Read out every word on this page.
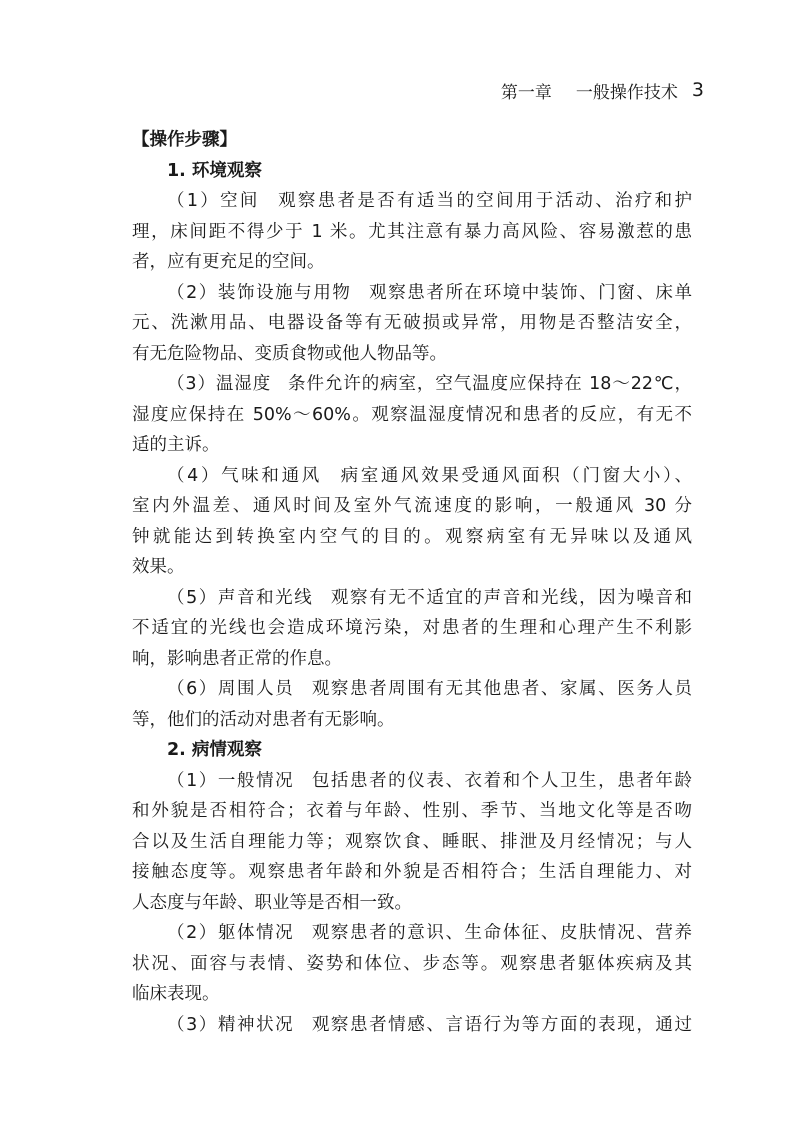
第一章 一般操作技术 3
【操作步骤】
1. 环境观察
（1）空间 观察患者是否有适当的空间用于活动、治疗和护
理，床间距不得少于 1 米。尤其注意有暴力高风险、容易激惹的患
者，应有更充足的空间。
（2）装饰设施与用物 观察患者所在环境中装饰、门窗、床单
元、洗漱用品、电器设备等有无破损或异常，用物是否整洁安全，
有无危险物品、变质食物或他人物品等。
（3）温湿度 条件允许的病室，空气温度应保持在 18～22℃，
湿度应保持在 50%～60%。观察温湿度情况和患者的反应，有无不
适的主诉。
（4）气味和通风 病室通风效果受通风面积（门窗大小）、
室内外温差、通风时间及室外气流速度的影响，一般通风 30 分
钟就能达到转换室内空气的目的。观察病室有无异味以及通风
效果。
（5）声音和光线 观察有无不适宜的声音和光线，因为噪音和
不适宜的光线也会造成环境污染，对患者的生理和心理产生不利影
响，影响患者正常的作息。
（6）周围人员 观察患者周围有无其他患者、家属、医务人员
等，他们的活动对患者有无影响。
2. 病情观察
（1）一般情况 包括患者的仪表、衣着和个人卫生，患者年龄
和外貌是否相符合；衣着与年龄、性别、季节、当地文化等是否吻
合以及生活自理能力等；观察饮食、睡眠、排泄及月经情况；与人
接触态度等。观察患者年龄和外貌是否相符合；生活自理能力、对
人态度与年龄、职业等是否相一致。
（2）躯体情况 观察患者的意识、生命体征、皮肤情况、营养
状况、面容与表情、姿势和体位、步态等。观察患者躯体疾病及其
临床表现。
（3）精神状况 观察患者情感、言语行为等方面的表现，通过
